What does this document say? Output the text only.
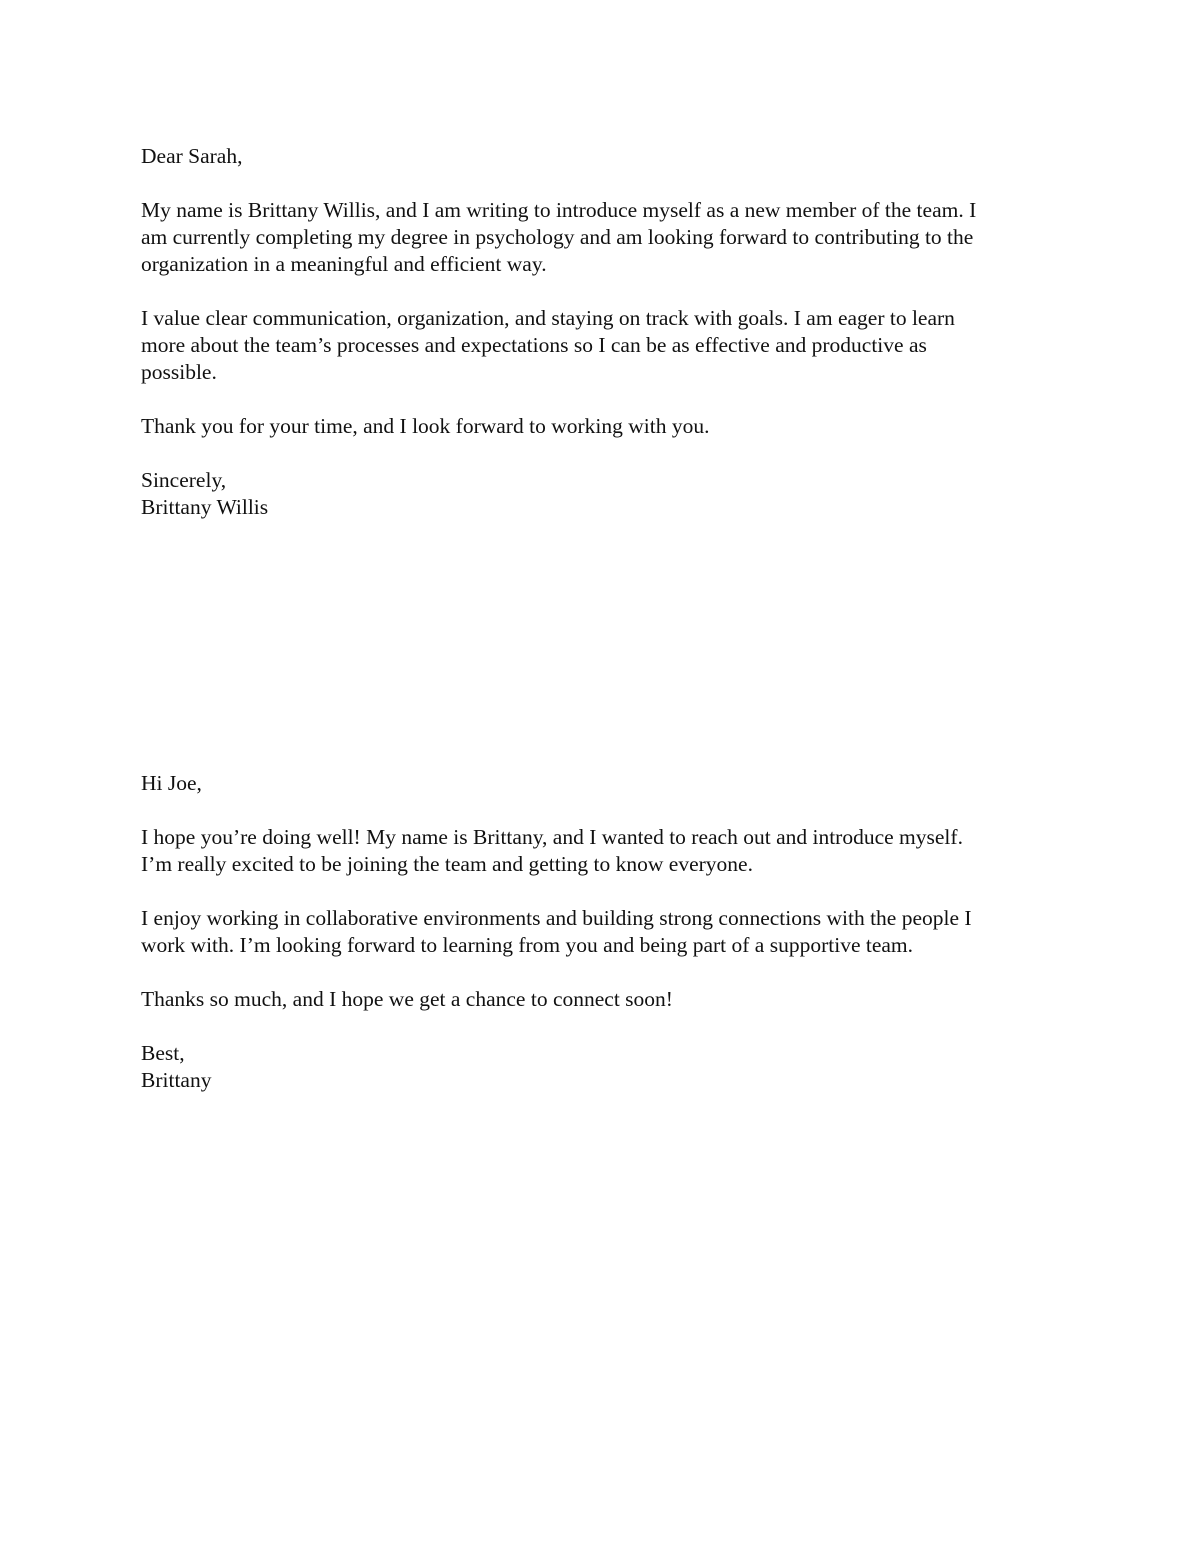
Dear Sarah,

My name is Brittany Willis, and I am writing to introduce myself as a new member of the team. I
am currently completing my degree in psychology and am looking forward to contributing to the
organization in a meaningful and efficient way.

I value clear communication, organization, and staying on track with goals. I am eager to learn
more about the team’s processes and expectations so I can be as effective and productive as
possible.

Thank you for your time, and I look forward to working with you.

Sincerely,
Brittany Willis

Hi Joe,

I hope you’re doing well! My name is Brittany, and I wanted to reach out and introduce myself.
I’m really excited to be joining the team and getting to know everyone.

I enjoy working in collaborative environments and building strong connections with the people I
work with. I’m looking forward to learning from you and being part of a supportive team.

Thanks so much, and I hope we get a chance to connect soon!

Best,
Brittany
